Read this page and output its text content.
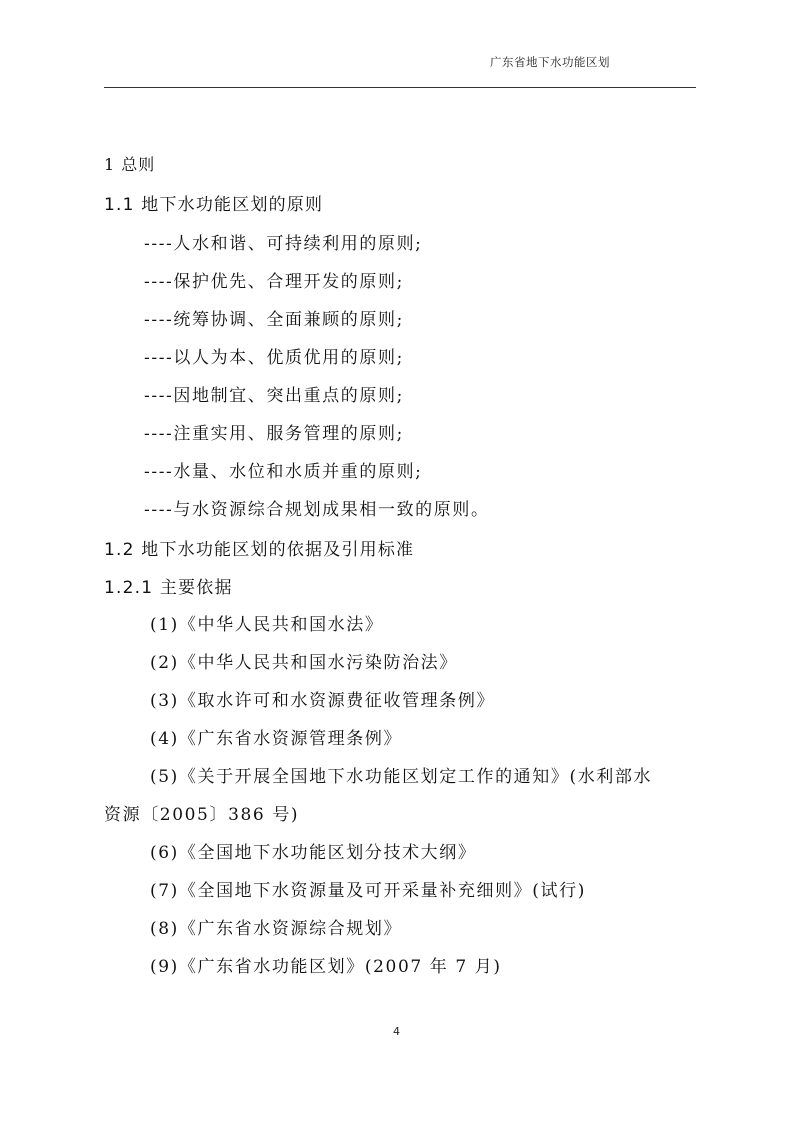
广东省地下水功能区划
1 总则
1.1 地下水功能区划的原则
----人水和谐、可持续利用的原则;
----保护优先、合理开发的原则;
----统筹协调、全面兼顾的原则;
----以人为本、优质优用的原则;
----因地制宜、突出重点的原则;
----注重实用、服务管理的原则;
----水量、水位和水质并重的原则;
----与水资源综合规划成果相一致的原则。
1.2 地下水功能区划的依据及引用标准
1.2.1 主要依据
(1)《中华人民共和国水法》
(2)《中华人民共和国水污染防治法》
(3)《取水许可和水资源费征收管理条例》
(4)《广东省水资源管理条例》
(5)《关于开展全国地下水功能区划定工作的通知》(水利部水
资源〔2005〕386 号)
(6)《全国地下水功能区划分技术大纲》
(7)《全国地下水资源量及可开采量补充细则》(试行)
(8)《广东省水资源综合规划》
(9)《广东省水功能区划》(2007 年 7 月)
4
